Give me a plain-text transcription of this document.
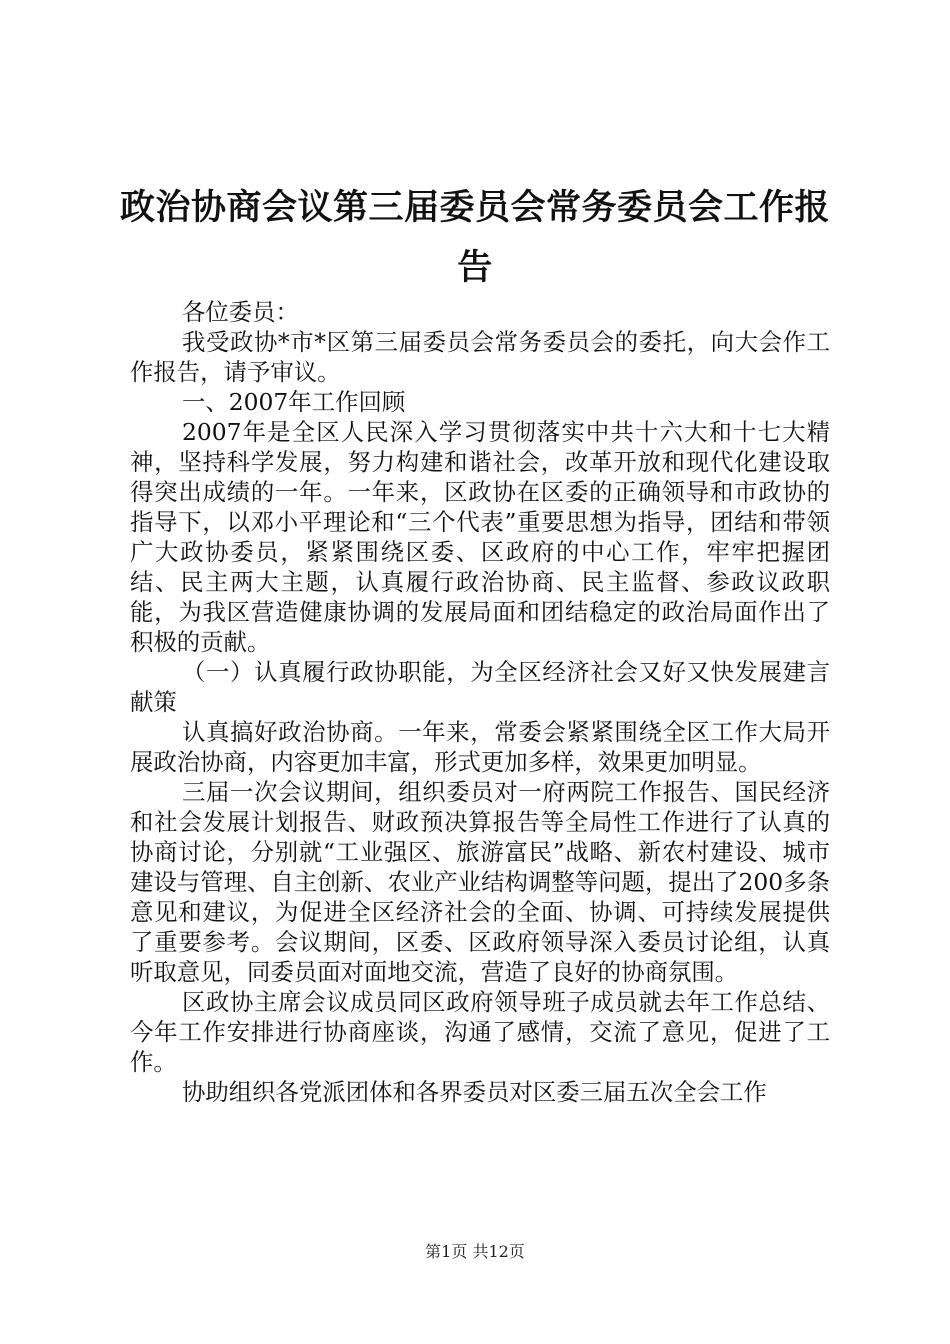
政治协商会议第三届委员会常务委员会工作报告

各位委员：

我受政协*市*区第三届委员会常务委员会的委托，向大会作工作报告，请予审议。

一、2007年工作回顾

2007年是全区人民深入学习贯彻落实中共十六大和十七大精神，坚持科学发展，努力构建和谐社会，改革开放和现代化建设取得突出成绩的一年。一年来，区政协在区委的正确领导和市政协的指导下，以邓小平理论和“三个代表”重要思想为指导，团结和带领广大政协委员，紧紧围绕区委、区政府的中心工作，牢牢把握团结、民主两大主题，认真履行政治协商、民主监督、参政议政职能，为我区营造健康协调的发展局面和团结稳定的政治局面作出了积极的贡献。

（一）认真履行政协职能，为全区经济社会又好又快发展建言献策

认真搞好政治协商。一年来，常委会紧紧围绕全区工作大局开展政治协商，内容更加丰富，形式更加多样，效果更加明显。

三届一次会议期间，组织委员对一府两院工作报告、国民经济和社会发展计划报告、财政预决算报告等全局性工作进行了认真的协商讨论，分别就“工业强区、旅游富民”战略、新农村建设、城市建设与管理、自主创新、农业产业结构调整等问题，提出了200多条意见和建议，为促进全区经济社会的全面、协调、可持续发展提供了重要参考。会议期间，区委、区政府领导深入委员讨论组，认真听取意见，同委员面对面地交流，营造了良好的协商氛围。

区政协主席会议成员同区政府领导班子成员就去年工作总结、今年工作安排进行协商座谈，沟通了感情，交流了意见，促进了工作。

协助组织各党派团体和各界委员对区委三届五次全会工作

第1页 共12页
